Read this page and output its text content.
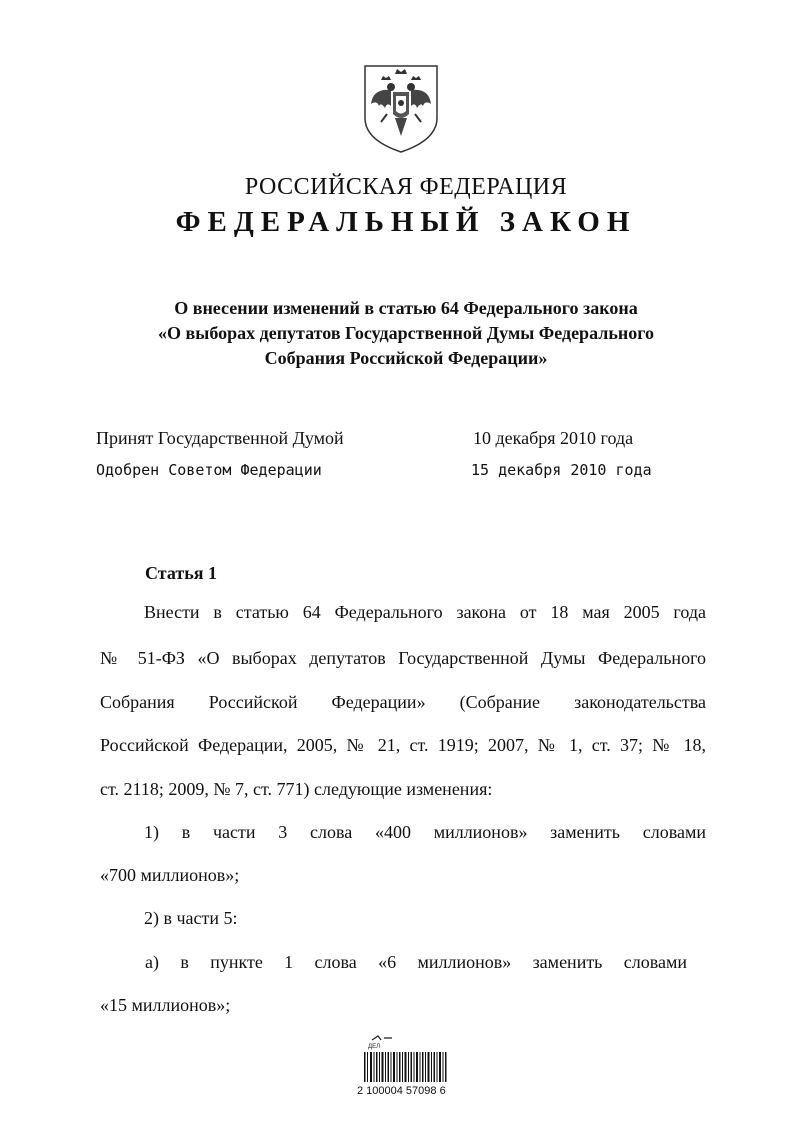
РОССИЙСКАЯ ФЕДЕРАЦИЯ
ФЕДЕРАЛЬНЫЙ ЗАКОН
О внесении изменений в статью 64 Федерального закона
«О выборах депутатов Государственной Думы Федерального
Собрания Российской Федерации»
Принят Государственной Думой	10 декабря 2010 года
Одобрен Советом Федерации	15 декабря 2010 года
Статья 1
Внести в статью 64 Федерального закона от 18 мая 2005 года
№ 51-ФЗ «О выборах депутатов Государственной Думы Федерального
Собрания Российской Федерации» (Собрание законодательства
Российской Федерации, 2005, № 21, ст. 1919; 2007, № 1, ст. 37; № 18,
ст. 2118; 2009, № 7, ст. 771) следующие изменения:
1) в части 3 слова «400 миллионов» заменить словами
«700 миллионов»;
2) в части 5:
а) в пункте 1 слова «6 миллионов» заменить словами
«15 миллионов»;
ДЕЛ
2 100004 57098 6
